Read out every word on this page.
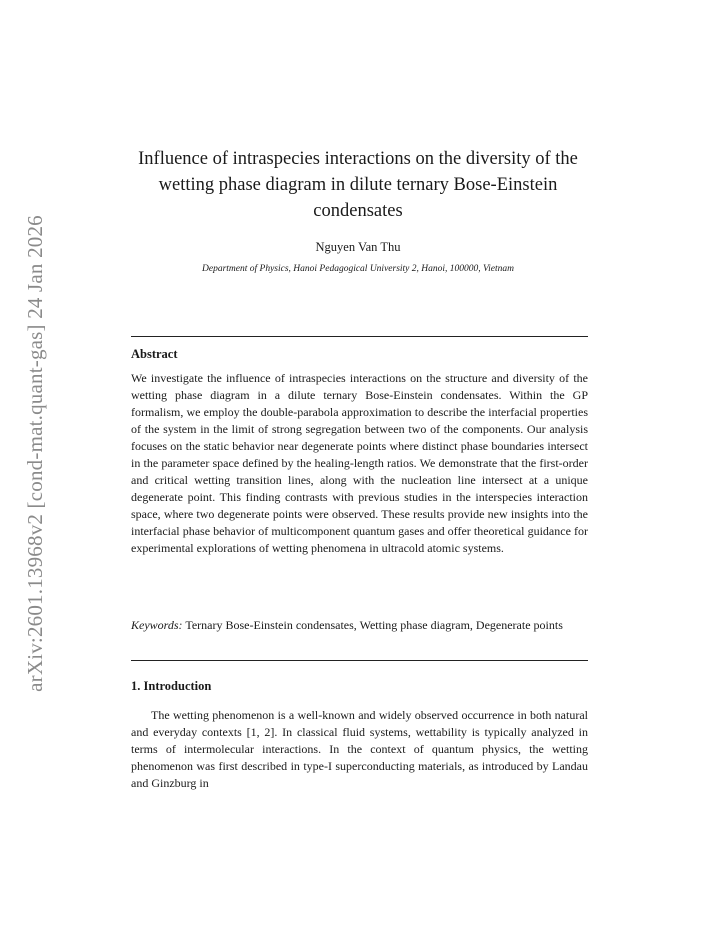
arXiv:2601.13968v2 [cond-mat.quant-gas] 24 Jan 2026
Influence of intraspecies interactions on the diversity of the wetting phase diagram in dilute ternary Bose-Einstein condensates
Nguyen Van Thu
Department of Physics, Hanoi Pedagogical University 2, Hanoi, 100000, Vietnam
Abstract
We investigate the influence of intraspecies interactions on the structure and diversity of the wetting phase diagram in a dilute ternary Bose-Einstein condensates. Within the GP formalism, we employ the double-parabola approximation to describe the interfacial properties of the system in the limit of strong segregation between two of the components. Our analysis focuses on the static behavior near degenerate points where distinct phase boundaries intersect in the parameter space defined by the healing-length ratios. We demonstrate that the first-order and critical wetting transition lines, along with the nucleation line intersect at a unique degenerate point. This finding contrasts with previous studies in the interspecies interaction space, where two degenerate points were observed. These results provide new insights into the interfacial phase behavior of multicomponent quantum gases and offer theoretical guidance for experimental explorations of wetting phenomena in ultracold atomic systems.
Keywords: Ternary Bose-Einstein condensates, Wetting phase diagram, Degenerate points
1. Introduction
The wetting phenomenon is a well-known and widely observed occurrence in both natural and everyday contexts [1, 2]. In classical fluid systems, wettability is typically analyzed in terms of intermolecular interactions. In the context of quantum physics, the wetting phenomenon was first described in type-I superconducting materials, as introduced by Landau and Ginzburg in
